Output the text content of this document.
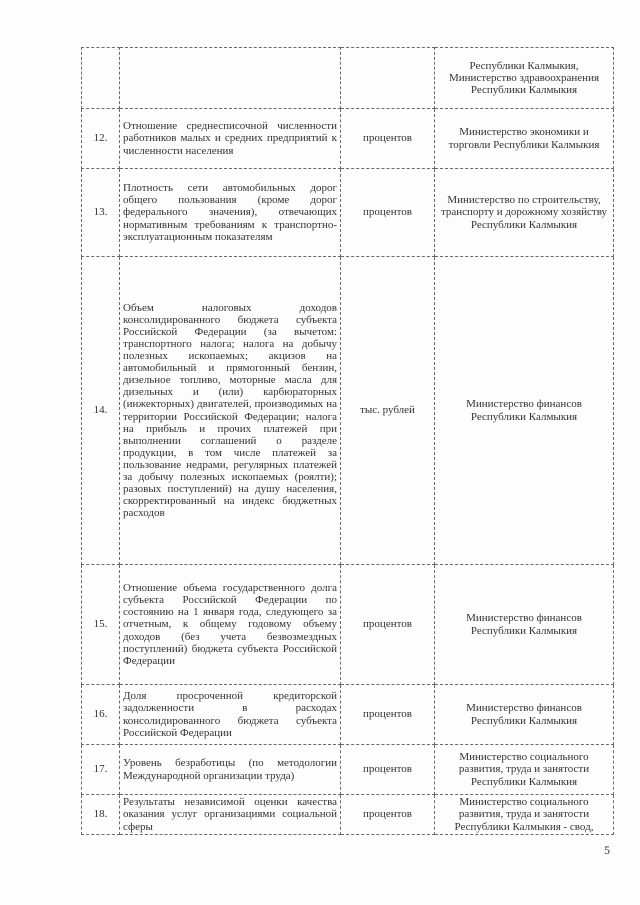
			Республики Калмыкия, Министерство здравоохранения Республики Калмыкия
12.	Отношение среднесписочной численности работников малых и средних предприятий к численности населения	процентов	Министерство экономики и торговли Республики Калмыкия
13.	Плотность сети автомобильных дорог общего пользования (кроме дорог федерального значения), отвечающих нормативным требованиям к транспортно-эксплуатационным показателям	процентов	Министерство по строительству, транспорту и дорожному хозяйству Республики Калмыкия
14.	Объем налоговых доходов консолидированного бюджета субъекта Российской Федерации (за вычетом: транспортного налога; налога на добычу полезных ископаемых; акцизов на автомобильный и прямогонный бензин, дизельное топливо, моторные масла для дизельных и (или) карбюраторных (инжекторных) двигателей, производимых на территории Российской Федерации; налога на прибыль и прочих платежей при выполнении соглашений о разделе продукции, в том числе платежей за пользование недрами, регулярных платежей за добычу полезных ископаемых (роялти); разовых поступлений) на душу населения, скорректированный на индекс бюджетных расходов	тыс. рублей	Министерство финансов Республики Калмыкия
15.	Отношение объема государственного долга субъекта Российской Федерации по состоянию на 1 января года, следующего за отчетным, к общему годовому объему доходов (без учета безвозмездных поступлений) бюджета субъекта Российской Федерации	процентов	Министерство финансов Республики Калмыкия
16.	Доля просроченной кредиторской задолженности в расходах консолидированного бюджета субъекта Российской Федерации	процентов	Министерство финансов Республики Калмыкия
17.	Уровень безработицы (по методологии Международной организации труда)	процентов	Министерство социального развития, труда и занятости Республики Калмыкия
18.	Результаты независимой оценки качества оказания услуг организациями социальной сферы	процентов	Министерство социального развития, труда и занятости Республики Калмыкия - свод,
5
